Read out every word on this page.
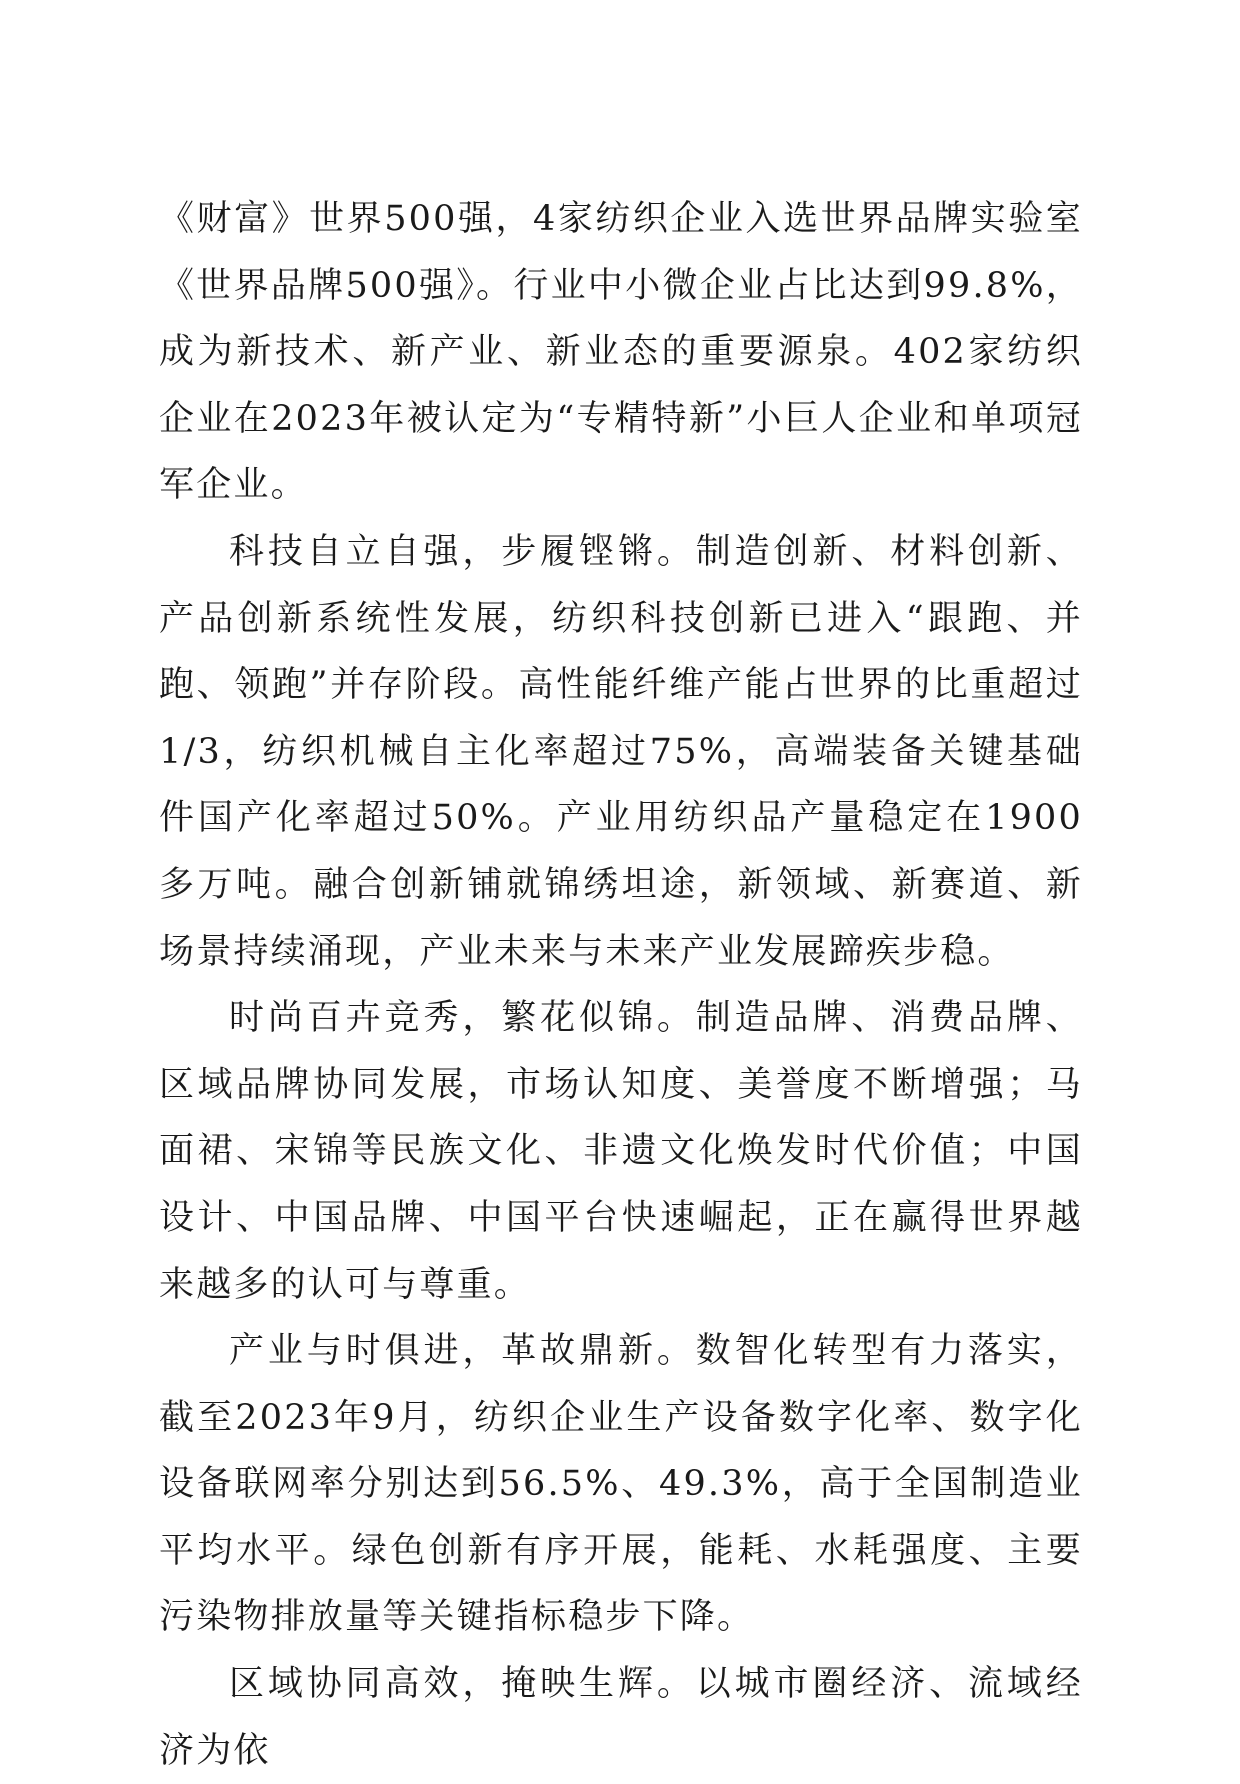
《财富》世界500强，4家纺织企业入选世界品牌实验室《世界品牌500强》。行业中小微企业占比达到99.8%，成为新技术、新产业、新业态的重要源泉。402家纺织企业在2023年被认定为“专精特新”小巨人企业和单项冠军企业。

科技自立自强，步履铿锵。制造创新、材料创新、产品创新系统性发展，纺织科技创新已进入“跟跑、并跑、领跑”并存阶段。高性能纤维产能占世界的比重超过1/3，纺织机械自主化率超过75%，高端装备关键基础件国产化率超过50%。产业用纺织品产量稳定在1900多万吨。融合创新铺就锦绣坦途，新领域、新赛道、新场景持续涌现，产业未来与未来产业发展蹄疾步稳。

时尚百卉竞秀，繁花似锦。制造品牌、消费品牌、区域品牌协同发展，市场认知度、美誉度不断增强；马面裙、宋锦等民族文化、非遗文化焕发时代价值；中国设计、中国品牌、中国平台快速崛起，正在赢得世界越来越多的认可与尊重。

产业与时俱进，革故鼎新。数智化转型有力落实，截至2023年9月，纺织企业生产设备数字化率、数字化设备联网率分别达到56.5%、49.3%，高于全国制造业平均水平。绿色创新有序开展，能耗、水耗强度、主要污染物排放量等关键指标稳步下降。

区域协同高效，掩映生辉。以城市圈经济、流域经济为依
